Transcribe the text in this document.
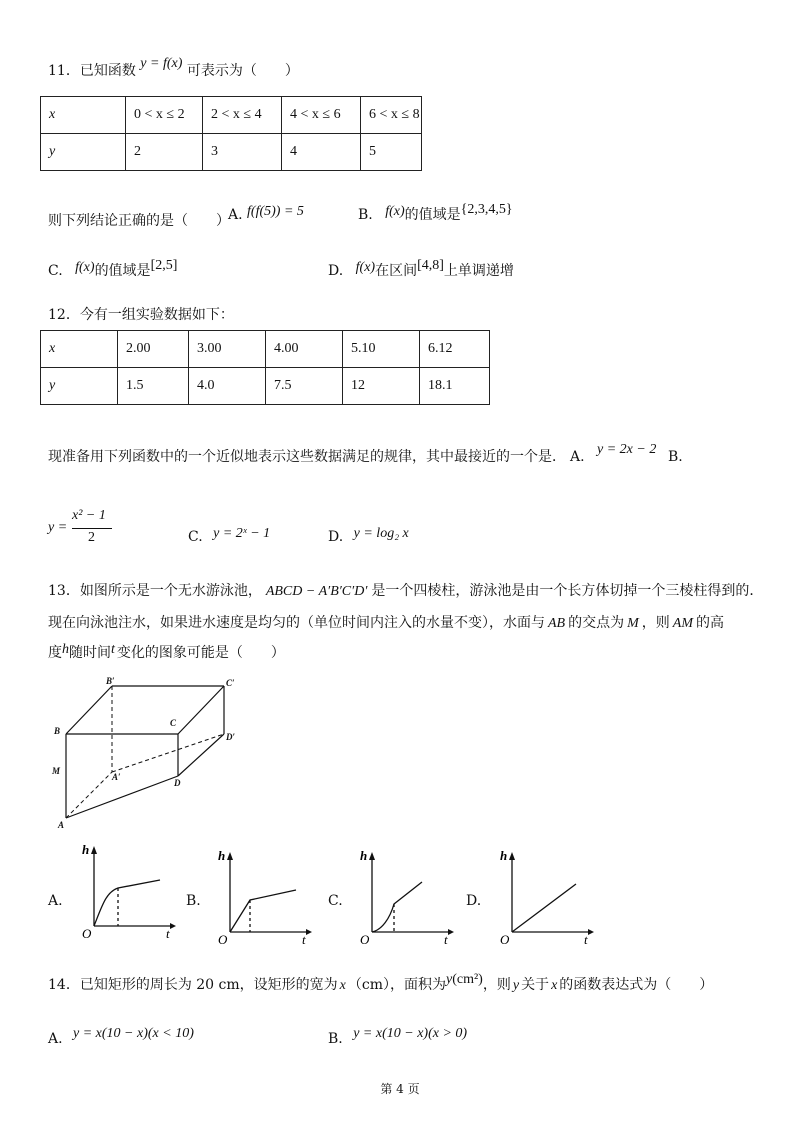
11．已知函数 y = f(x) 可表示为（　　）
x	0 < x ≤ 2	2 < x ≤ 4	4 < x ≤ 6	6 < x ≤ 8
y	2	3	4	5
则下列结论正确的是（　　）
A. f(f(5)) = 5	B. f(x)的值域是{2,3,4,5}
C. f(x)的值域是[2,5]	D. f(x)在区间[4,8]上单调递增
12．今有一组实验数据如下：
x	2.00	3.00	4.00	5.10	6.12
y	1.5	4.0	7.5	12	18.1
现准备用下列函数中的一个近似地表示这些数据满足的规律，其中最接近的一个是． A. y = 2x − 2 B.
y =
x² − 1
2	C. y = 2ˣ − 1	D. y = log₂ x
13．如图所示是一个无水游泳池， ABCD − A′B′C′D′ 是一个四棱柱，游泳池是由一个长方体切掉一个三棱柱得到的．
现在向泳池注水，如果进水速度是均匀的（单位时间内注入的水量不变），水面与 AB 的交点为 M ，则 AM 的高
度h随时间t 变化的图象可能是（　　）
B′	C′
B
C
D′
M
A′
D
A
A.
h
t
O
B.
h
t
O
C.
h
t
O
D.
h
t
O
14．已知矩形的周长为 20 cm，设矩形的宽为 x （cm），面积为y(cm²)，则 y 关于 x 的函数表达式为（　　）
A. y = x(10 − x)(x < 10)	B. y = x(10 − x)(x > 0)
第 4 页
